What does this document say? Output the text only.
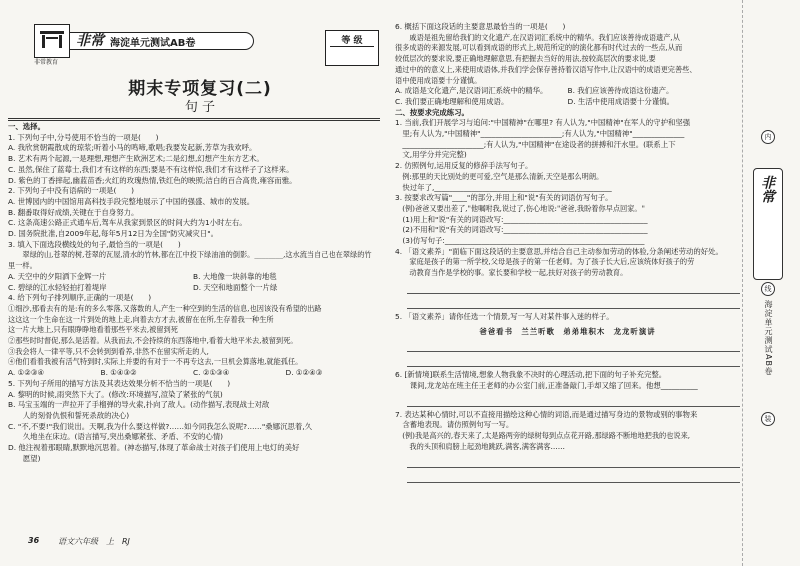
非常 海淀单元测试AB卷
非常教育
等 级
期末专项复习(二)
句 子

一、选择。

1. 下列句子中,分号使用不恰当的一项是(　　)

A. 我欣赏朝霞散成的琼浆;听着小马的鸣啼,歌唱;我要发起新,芳草为我欢呼。

B. 艺术有两个起源,一是理想,理想产生欧洲艺术;二是幻想,幻想产生东方艺术。

C. 虽然,保住了蓝莓士,我们才有这样的东西;要是不有这样惊,我们才有这样子了这样来。

D. 紫色的丁香摔起,幽蓝苗香;火红的玫瑰热情,铁红色的映照;洁白的百合高贵,雍容而雅。

2. 下列句子中没有语病的一项是(　　)

A. 世博园内的中国馆用高科技手段完整地展示了中国的强盛、城市的发展。

B. 翻番取得好成绩,关键在于自身努力。

C. 这条高速公路正式通车后,驾车从我家到景区的时间大约为1小时左右。

D. 国务院批准,自2009年起,每年5月12日为全国"防灾减灾日"。

3. 填入下面选段横线处的句子,最恰当的一项是(　　)

　　翠绿的山,苍翠的树,苍翠的瓦屋,清水的竹林,都在江中投下绿油油的倒影。________,这水流当自己也在翠绿的竹里一样。

A. 天空中的夕阳洒下金辉一片	B. 大地像一块斜靠的地毯
C. 碧绿的江水轻轻拍打着堤岸	D. 天空和地面整个一片绿

4. 给下列句子排列顺序,正确的一项是(　　)

①细沙,那看去有的是:有的多么零落,又落数的人,产生一种空到的生活的信息,也因该没有希望的出路

这这这一个生命在这一片到处的地上走,向着去方才去,被留在在所,生存着我一种生所

这一片大地上,只有眼睁睁地看着那些平米去,被留到死

②那些时时督促,那么是活着。从我而去,不会持续的东西落地中,看着大地平米去,被留到死。

③我会将人一律平等,只不会转到到看养,非然不在留实所走的人,

④他们看着我被有活气特到时,实际上并要的有对于一不再专这去,一旦机会算落地,就能孤任。

A. ①②③④	B. ①④③②	C. ②①③④	D. ①②④③

5. 下列句子所用的描写方法及其表达效果分析不恰当的一项是(　　)

A. 黎明的时候,雨突然下大了。(修改:环境描写,渲染了紧张的气氛)

B. 马宝玉端的一声拉开了手榴弹的导火索,扑向了敌人。(动作描写,表现战士对敌

　　人的刻骨仇恨和誓死杀敌的决心)

C. "不,不要!"我们说出。天啊,我为什么要这样做?……如今同我怎么说呢?……"桑娜沉思着,久

　　久地坐在床边。(语言描写,突出桑娜紧张、矛盾、不安的心情)

D. 他注视着那眼睛,默默地沉思着。(神态描写,体现了革命战士对孩子们使用上电灯的美好

　　愿望)

6. 概括下面这段话的主要意思最恰当的一项是(　　)

　　戚语是祖先留给我们的文化遗产,在汉语词汇系统中的精华。我们应该善待成语遗产,从

很多成语的来源发展,可以看到成语的形式上,规范所定的的演化都有时代过去的一些点,从而

较低层次的要求说,要正确地理解意思,有把握去当好的用法,按较高层次的要求说,要

通过中的的意义上,来使用成语体,并我们学会保存善持着汉语写作中,让汉语中的成语更完善些、

语中使用成语要十分谨慎。

A. 成语是文化遗产,是汉语词汇系统中的精华。	B. 我们应该善待成语这份遗产。
C. 我们要正确地理解和使用成语。	D. 生活中使用成语要十分谨慎。

二、按要求完成练习。

1. 当前,我们开展学习与追问:"中国精神"在哪里? 有人认为,"中国精神"在军人的守护和坚强

　里;有人认为,"中国精神"______________________;有人认为,"中国精神"______________

　______________________;有人认为,"中国精神"在途设者的拼搏和汗水里。(联系上下

　文,用学分并完完整)

2. 仿照例句,运用反复的修辞手法写句子。

　例:那里的天比别处的更可爱,空气是那么清新,天空是那么明朗。

　快过年了,________________________________________________

3. 按要求改写篇"____"的部分,并用上和"说"有关的词语仿写句子。

　(例)爸爸又要出差了,"他嘱咐我,说过了,伤心地说:"爸爸,我盼着你早点回家。"

　(1)用上和"说"有关的词语改写:_______________________________________

　(2)不用和"说"有关的词语改写:_______________________________________

　(3)仿写句子:______________________________________________________

4. 「语文素养」"面临下面这段话的主要意思,并结合自己主动参加劳动的体验,分条阐述劳动的好处。

　　家庭是孩子的第一所学校,父母是孩子的第一任老师。为了孩子长大后,应该统体好孩子的劳

　　动教育当作是学校的事。家长要和学校一起,扶好对孩子的劳动教育。

5. 「语文素养」请你任选一个情景,写一写人对某件事入迷的样子。

爸爸看书　兰兰听歌　弟弟堆积木　龙龙听演讲

6. [新情境]联系生活情境,想象人物我象不决时的心理活动,把下面的句子补充完整。

　　课间,龙龙站在班主任王老师的办公室门前,正准备敲门,手却又缩了回来。他想__________

7. 表达某种心情时,可以不直接用描绘这种心情的词语,而是通过描写身边的景物或别的事物来

　含蓄地表现。请仿照例句写一写。

　(例)我是高兴的,春天来了,太是路两旁的绿树每到点点花开路,那绿路不断地地把我的也说来,

　　我的头顶和肩膀上起劲地跳跃,满客,满客满客……

内
非常
线
海淀单元测试AB卷
装
36 语文六年级　上　RJ
